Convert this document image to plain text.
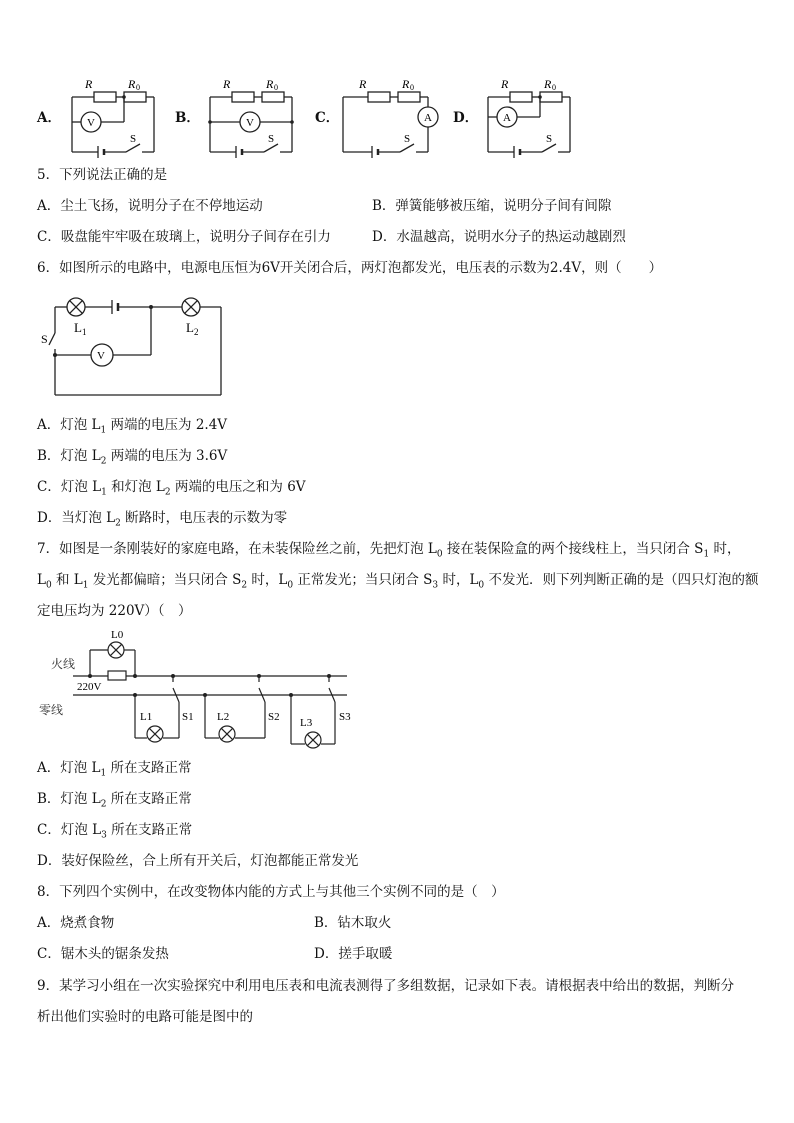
A．
R	R 0
V
S
B．
R	R 0
V
S
C．
R	R 0
A
S
D．
R	R 0
A
S
5．下列说法正确的是
A．尘土飞扬，说明分子在不停地运动	B．弹簧能够被压缩，说明分子间有间隙
C．吸盘能牢牢吸在玻璃上，说明分子间存在引力	D．水温越高，说明水分子的热运动越剧烈
6．如图所示的电路中，电源电压恒为6V开关闭合后，两灯泡都发光，电压表的示数为2.4V，则（　　）
L 1	L 2
S
V
A．灯泡 $L_1$ 两端的电压为 2.4V
B．灯泡 $L_2$ 两端的电压为 3.6V
C．灯泡 $L_1$ 和灯泡 $L_2$ 两端的电压之和为 6V
D．当灯泡 $L_2$ 断路时，电压表的示数为零
7．如图是一条刚装好的家庭电路，在未装保险丝之前，先把灯泡 $L_0$ 接在装保险盒的两个接线柱上，当只闭合 $S_1$ 时，
$L_0$ 和 $L_1$ 发光都偏暗；当只闭合 $S_2$ 时，$L_0$ 正常发光；当只闭合 $S_3$ 时，$L_0$ 不发光．则下列判断正确的是（四只灯泡的额
定电压均为 220V）（　）
火线
零线
L0
220V
L1	S1 L2	S2 L3 S3
A．灯泡 $L_1$ 所在支路正常
B．灯泡 $L_2$ 所在支路正常
C．灯泡 $L_3$ 所在支路正常
D．装好保险丝，合上所有开关后，灯泡都能正常发光
8．下列四个实例中，在改变物体内能的方式上与其他三个实例不同的是（　）
A．烧煮食物	B．钻木取火
C．锯木头的锯条发热	D．搓手取暖
9．某学习小组在一次实验探究中利用电压表和电流表测得了多组数据，记录如下表。请根据表中给出的数据，判断分
析出他们实验时的电路可能是图中的
